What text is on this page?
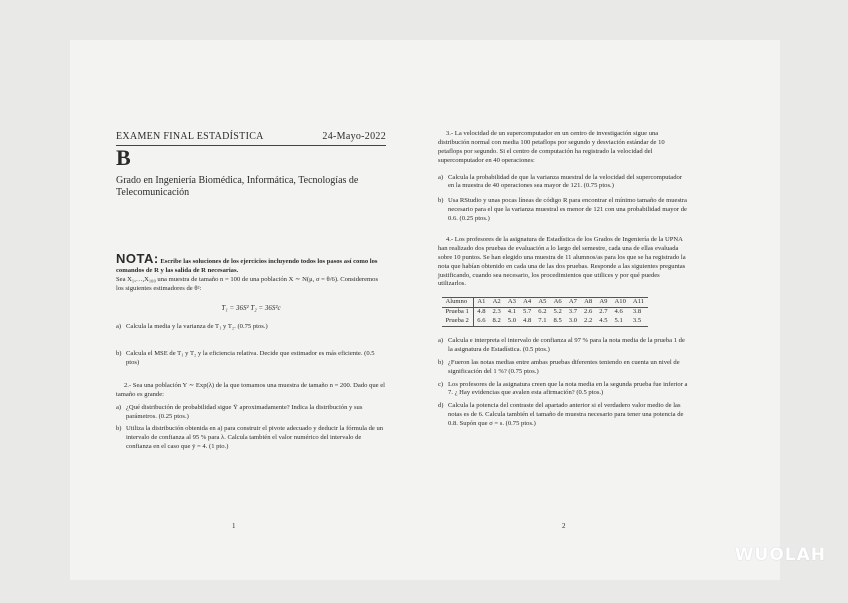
EXAMEN FINAL ESTADÍSTICA	24-Mayo-2022
B
Grado en Ingeniería Biomédica, Informática, Tecnologías de Telecomunicación
NOTA: Escribe las soluciones de los ejercicios incluyendo todos los pasos así como los comandos de R y las salida de R necesarias.
Sea X₁,…,X₁₀₀ una muestra de tamaño n = 100 de una población X ∼ N(μ, σ = θ/6). Consideremos los siguientes estimadores de θ²:
T₁ = 36S² T₂ = 36S²c
a) Calcula la media y la varianza de T₁ y T₂. (0.75 ptos.)
b) Calcula el MSE de T₁ y T₂ y la eficiencia relativa. Decide que estimador es más eficiente. (0.5 ptos)
2.- Sea una población Y ∼ Exp(λ) de la que tomamos una muestra de tamaño n = 200. Dado que el tamaño es grande:
a) ¿Qué distribución de probabilidad sigue Ȳ aproximadamente? Indica la distribución y sus parámetros. (0.25 ptos.)
b) Utiliza la distribución obtenida en a) para construir el pivote adecuado y deducir la fórmula de un intervalo de confianza al 95 % para λ. Calcula también el valor numérico del intervalo de confianza en el caso que ȳ = 4. (1 pto.)
3.- La velocidad de un supercomputador en un centro de investigación sigue una distribución normal con media 100 petaflops por segundo y desviación estándar de 10 petaflops por segundo. Si el centro de computación ha registrado la velocidad del supercomputador en 40 operaciones:
a) Calcula la probabilidad de que la varianza muestral de la velocidad del supercomputador en la muestra de 40 operaciones sea mayor de 121. (0.75 ptos.)
b) Usa RStudio y unas pocas líneas de código R para encontrar el mínimo tamaño de muestra necesario para el que la varianza muestral es menor de 121 con una probabilidad mayor de 0.6. (0.25 ptos.)
4.- Los profesores de la asignatura de Estadística de los Grados de Ingeniería de la UPNA han realizado dos pruebas de evaluación a lo largo del semestre, cada una de ellas evaluada sobre 10 puntos. Se han elegido una muestra de 11 alumnos/as para los que se ha registrado la nota que habían obtenido en cada una de las dos pruebas. Responde a las siguientes preguntas justificando, cuando sea necesario, los procedimientos que utilices y por qué puedes utilizarlos.
Alumno	A1	A2	A3	A4	A5	A6	A7	A8	A9	A10	A11
Prueba 1	4.8	2.3	4.1	5.7	6.2	5.2	3.7	2.6	2.7	4.6	3.8
Prueba 2	6.6	8.2	5.0	4.8	7.1	8.5	3.0	2.2	4.5	5.1	3.5
a) Calcula e interpreta el intervalo de confianza al 97 % para la nota media de la prueba 1 de la asignatura de Estadística. (0.5 ptos.)
b) ¿Fueron las notas medias entre ambas pruebas diferentes teniendo en cuenta un nivel de significación del 1 %? (0.75 ptos.)
c) Los profesores de la asignatura creen que la nota media en la segunda prueba fue inferior a 7. ¿ Hay evidencias que avalen esta afirmación? (0.5 ptos.)
d) Calcula la potencia del contraste del apartado anterior si el verdadero valor medio de las notas es de 6. Calcula también el tamaño de muestra necesario para tener una potencia de 0.8. Supón que σ = s. (0.75 ptos.)
1	2
WUOLAH
